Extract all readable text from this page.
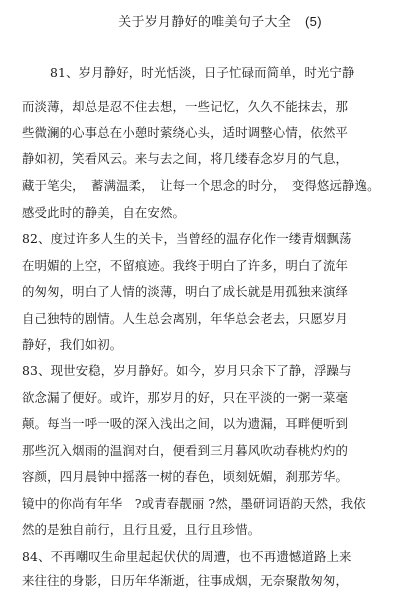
关于岁月静好的唯美句子大全 (5)
81、岁月静好，时光恬淡，日子忙碌而简单，时光宁静
而淡薄，却总是忍不住去想，一些记忆，久久不能抹去，那
些微澜的心事总在小憩时萦绕心头，适时调整心情，依然平
静如初，笑看风云。来与去之间，将几缕春念岁月的气息，
藏于笔尖，　蓄满温柔，　让每一个思念的时分，　变得悠远静逸。
感受此时的静美，自在安然。
82、度过许多人生的关卡，当曾经的温存化作一缕青烟飘荡
在明媚的上空，不留痕迹。我终于明白了许多，明白了流年
的匆匆，明白了人情的淡薄，明白了成长就是用孤独来演绎
自己独特的剧情。人生总会离别，年华总会老去，只愿岁月
静好，我们如初。
83、现世安稳，岁月静好。如今，岁月只余下了静，浮躁与
欲念漏了便好。或许，那岁月的好，只在平淡的一粥一菜毫
颠。每当一呼一吸的深入浅出之间，以为遗漏，耳畔便听到
那些沉入烟雨的温润对白，便看到三月暮风吹动春桃灼灼的
容颜，四月晨钟中摇落一树的春色，顷刻妩媚，刹那芳华。
镜中的你尚有年华　?或青春靓丽 ?然，墨研词语韵天然，我依
然的是独自前行，且行且爱，且行且珍惜。
84、不再嘲叹生命里起起伏伏的周遭，也不再遗憾道路上来
来往往的身影，日历年华渐逝，往事成烟，无奈聚散匆匆，
